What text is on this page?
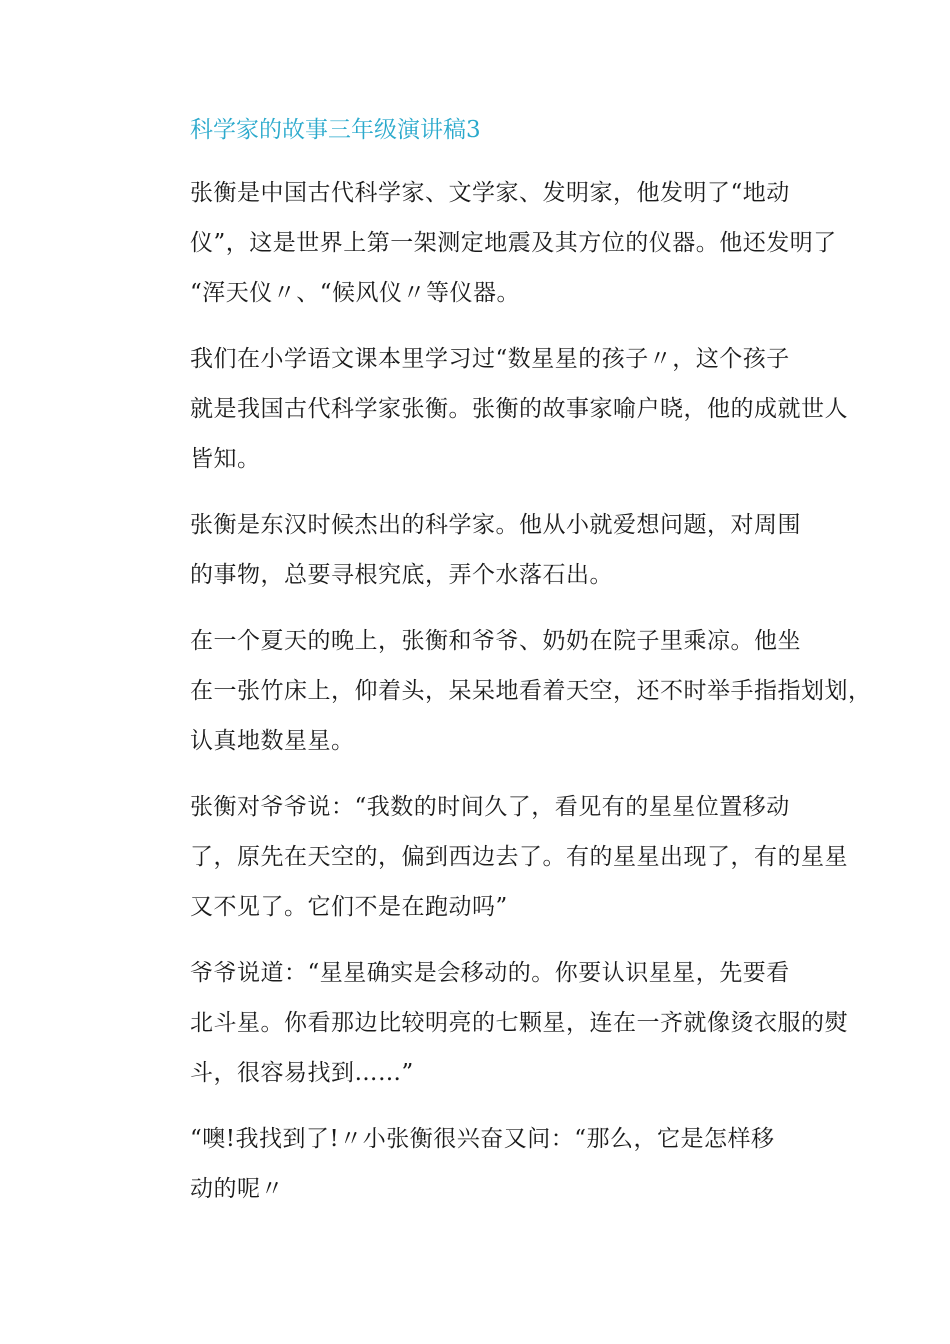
科学家的故事三年级演讲稿3

张衡是中国古代科学家、文学家、发明家，他发明了“地动
仪”，这是世界上第一架测定地震及其方位的仪器。他还发明了
“浑天仪〃、“候风仪〃等仪器。

我们在小学语文课本里学习过“数星星的孩子〃，这个孩子
就是我国古代科学家张衡。张衡的故事家喻户晓，他的成就世人
皆知。

张衡是东汉时候杰出的科学家。他从小就爱想问题，对周围
的事物，总要寻根究底，弄个水落石出。

在一个夏天的晚上，张衡和爷爷、奶奶在院子里乘凉。他坐
在一张竹床上，仰着头，呆呆地看着天空，还不时举手指指划划，
认真地数星星。

张衡对爷爷说：“我数的时间久了，看见有的星星位置移动
了，原先在天空的，偏到西边去了。有的星星出现了，有的星星
又不见了。它们不是在跑动吗”

爷爷说道：“星星确实是会移动的。你要认识星星，先要看
北斗星。你看那边比较明亮的七颗星，连在一齐就像烫衣服的熨
斗，很容易找到……”

“噢!我找到了!〃小张衡很兴奋又问：“那么，它是怎样移
动的呢〃
